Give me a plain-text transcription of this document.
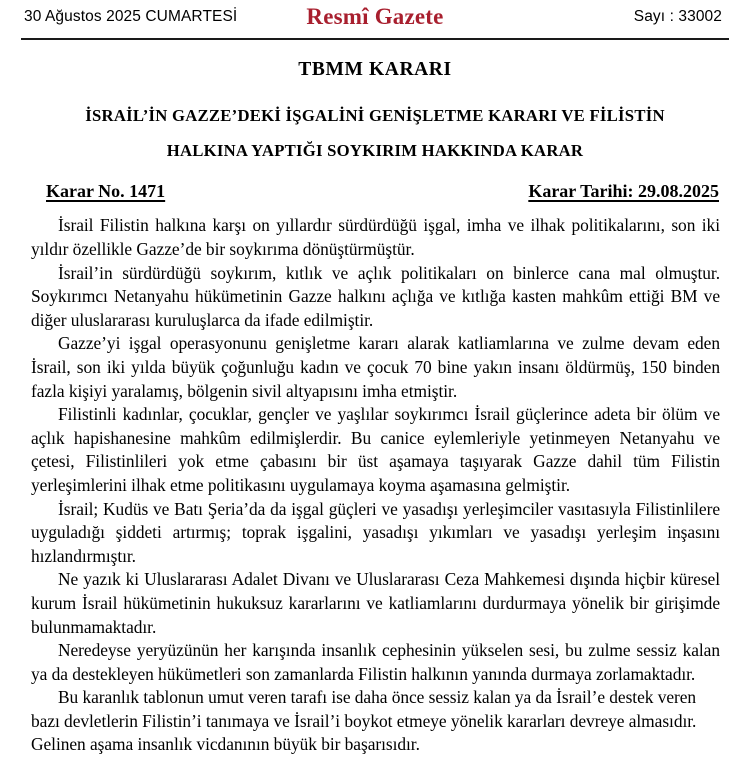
30 Ağustos 2025 CUMARTESİ	Resmî Gazete	Sayı : 33002
TBMM KARARI
İSRAİL’İN GAZZE’DEKİ İŞGALİNİ GENİŞLETME KARARI VE FİLİSTİN
HALKINA YAPTIĞI SOYKIRIM HAKKINDA KARAR
Karar No. 1471	Karar Tarihi: 29.08.2025

İsrail Filistin halkına karşı on yıllardır sürdürdüğü işgal, imha ve ilhak politikalarını, son iki yıldır özellikle Gazze’de bir soykırıma dönüştürmüştür.

İsrail’in sürdürdüğü soykırım, kıtlık ve açlık politikaları on binlerce cana mal olmuştur. Soykırımcı Netanyahu hükümetinin Gazze halkını açlığa ve kıtlığa kasten mahkûm ettiği BM ve diğer uluslararası kuruluşlarca da ifade edilmiştir.

Gazze’yi işgal operasyonunu genişletme kararı alarak katliamlarına ve zulme devam eden İsrail, son iki yılda büyük çoğunluğu kadın ve çocuk 70 bine yakın insanı öldürmüş, 150 binden fazla kişiyi yaralamış, bölgenin sivil altyapısını imha etmiştir.

Filistinli kadınlar, çocuklar, gençler ve yaşlılar soykırımcı İsrail güçlerince adeta bir ölüm ve açlık hapishanesine mahkûm edilmişlerdir. Bu canice eylemleriyle yetinmeyen Netanyahu ve çetesi, Filistinlileri yok etme çabasını bir üst aşamaya taşıyarak Gazze dahil tüm Filistin yerleşimlerini ilhak etme politikasını uygulamaya koyma aşamasına gelmiştir.

İsrail; Kudüs ve Batı Şeria’da da işgal güçleri ve yasadışı yerleşimciler vasıtasıyla Filistinlilere uyguladığı şiddeti artırmış; toprak işgalini, yasadışı yıkımları ve yasadışı yerleşim inşasını hızlandırmıştır.

Ne yazık ki Uluslararası Adalet Divanı ve Uluslararası Ceza Mahkemesi dışında hiçbir küresel kurum İsrail hükümetinin hukuksuz kararlarını ve katliamlarını durdurmaya yönelik bir girişimde bulunmamaktadır.

Neredeyse yeryüzünün her karışında insanlık cephesinin yükselen sesi, bu zulme sessiz kalan ya da destekleyen hükümetleri son zamanlarda Filistin halkının yanında durmaya zorlamaktadır.

Bu karanlık tablonun umut veren tarafı ise daha önce sessiz kalan ya da İsrail’e destek veren bazı devletlerin Filistin’i tanımaya ve İsrail’i boykot etmeye yönelik kararları devreye almasıdır. Gelinen aşama insanlık vicdanının büyük bir başarısıdır.
